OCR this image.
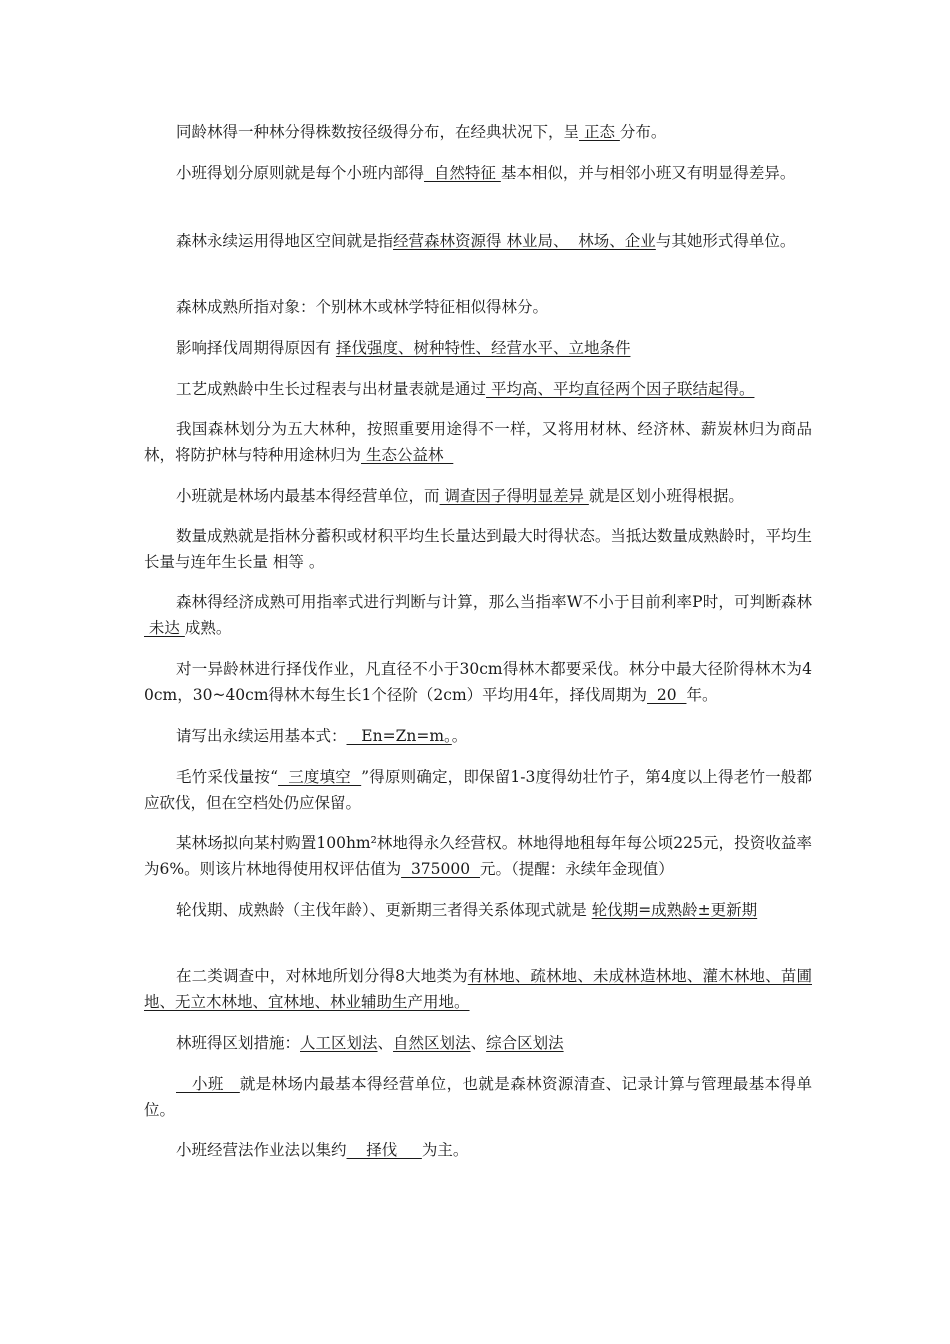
同龄林得一种林分得株数按径级得分布，在经典状况下，呈 正态 分布。

小班得划分原则就是每个小班内部得  自然特征 基本相似，并与相邻小班又有明显得差异。

森林永续运用得地区空间就是指经营森林资源得 林业局、  林场、企业与其她形式得单位。

森林成熟所指对象：个别林木或林学特征相似得林分。

影响择伐周期得原因有 择伐强度、树种特性、经营水平、立地条件

工艺成熟龄中生长过程表与出材量表就是通过 平均高、平均直径两个因子联结起得。

我国森林划分为五大林种，按照重要用途得不一样，又将用材林、经济林、薪炭林归为商品林，将防护林与特种用途林归为 生态公益林

小班就是林场内最基本得经营单位，而 调查因子得明显差异 就是区划小班得根据。

数量成熟就是指林分蓄积或材积平均生长量达到最大时得状态。当抵达数量成熟龄时，平均生长量与连年生长量 相等 。

森林得经济成熟可用指率式进行判断与计算，那么当指率W不小于目前利率P时，可判断森林  未达 成熟。

对一异龄林进行择伐作业，凡直径不小于30cm得林木都要采伐。林分中最大径阶得林木为40cm，30~40cm得林木每生长1个径阶（2cm）平均用4年，择伐周期为  20  年。

请写出永续运用基本式：   En=Zn=m。。

毛竹采伐量按“  三度填空  ”得原则确定，即保留1-3度得幼壮竹子，第4度以上得老竹一般都应砍伐，但在空档处仍应保留。

某林场拟向某村购置100hm²林地得永久经营权。林地得地租每年每公顷225元，投资收益率为6%。则该片林地得使用权评估值为  375000  元。（提醒：永续年金现值）

轮伐期、成熟龄（主伐年龄）、更新期三者得关系体现式就是 轮伐期=成熟龄±更新期

在二类调查中，对林地所划分得8大地类为有林地、疏林地、未成林造林地、灌木林地、苗圃地、无立木林地、宜林地、林业辅助生产用地。

林班得区划措施：人工区划法、自然区划法、综合区划法

小班   就是林场内最基本得经营单位，也就是森林资源清查、记录计算与管理最基本得单位。

小班经营法作业法以集约    择伐     为主。
